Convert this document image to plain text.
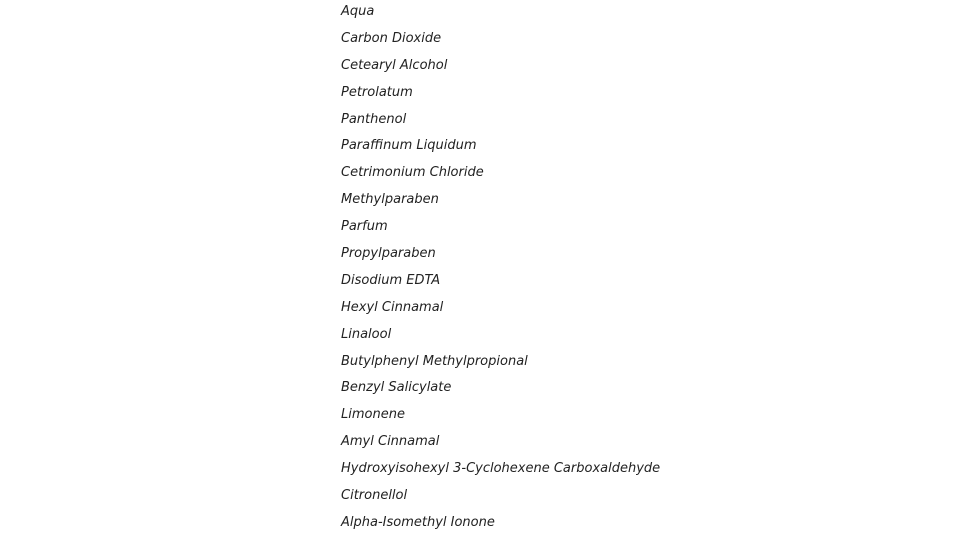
Aqua
Carbon Dioxide
Cetearyl Alcohol
Petrolatum
Panthenol
Paraffinum Liquidum
Cetrimonium Chloride
Methylparaben
Parfum
Propylparaben
Disodium EDTA
Hexyl Cinnamal
Linalool
Butylphenyl Methylpropional
Benzyl Salicylate
Limonene
Amyl Cinnamal
Hydroxyisohexyl 3-Cyclohexene Carboxaldehyde
Citronellol
Alpha-Isomethyl Ionone
